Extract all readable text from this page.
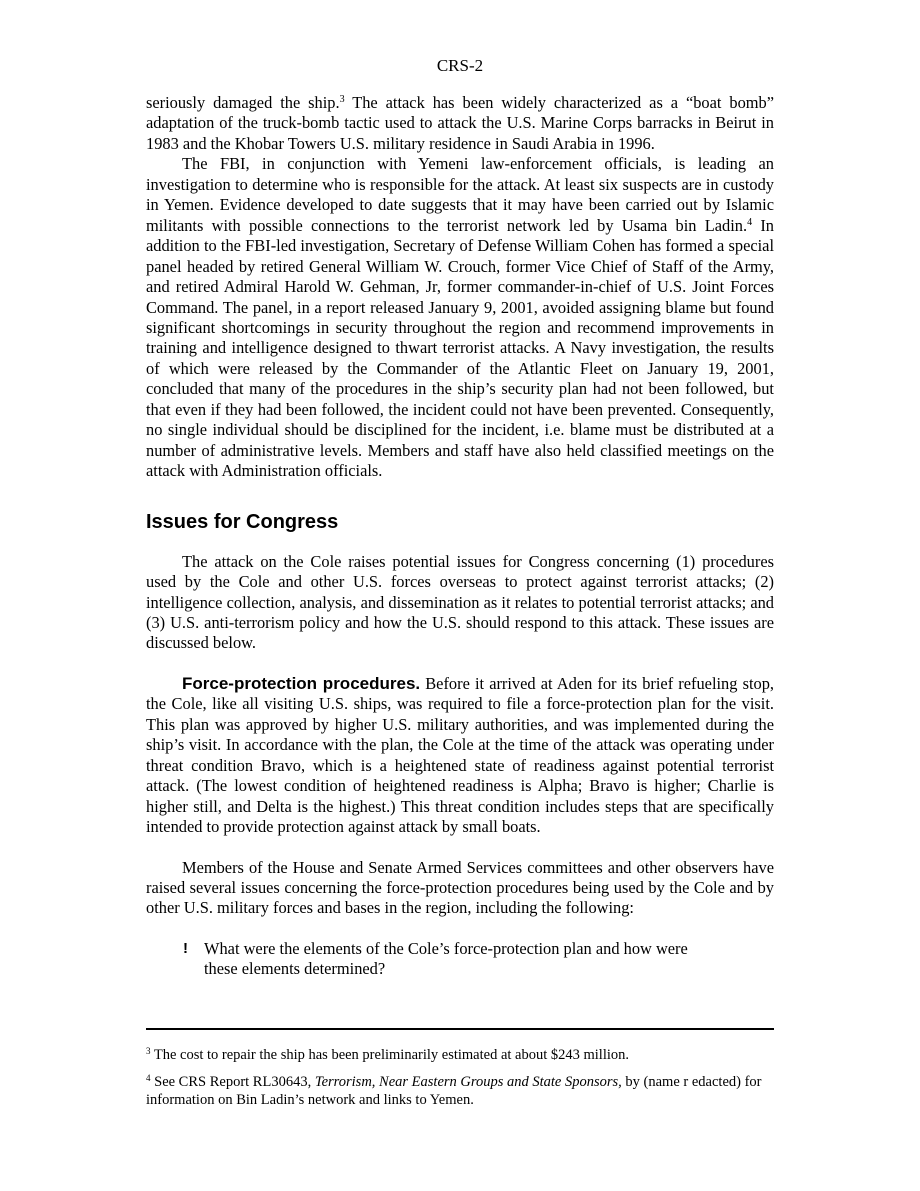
CRS-2

seriously damaged the ship.$^3$ The attack has been widely characterized as a “boat bomb” adaptation of the truck-bomb tactic used to attack the U.S. Marine Corps barracks in Beirut in 1983 and the Khobar Towers U.S. military residence in Saudi Arabia in 1996.

The FBI, in conjunction with Yemeni law-enforcement officials, is leading an investigation to determine who is responsible for the attack. At least six suspects are in custody in Yemen. Evidence developed to date suggests that it may have been carried out by Islamic militants with possible connections to the terrorist network led by Usama bin Ladin.$^4$ In addition to the FBI-led investigation, Secretary of Defense William Cohen has formed a special panel headed by retired General William W. Crouch, former Vice Chief of Staff of the Army, and retired Admiral Harold W. Gehman, Jr, former commander-in-chief of U.S. Joint Forces Command. The panel, in a report released January 9, 2001, avoided assigning blame but found significant shortcomings in security throughout the region and recommend improvements in training and intelligence designed to thwart terrorist attacks. A Navy investigation, the results of which were released by the Commander of the Atlantic Fleet on January 19, 2001, concluded that many of the procedures in the ship’s security plan had not been followed, but that even if they had been followed, the incident could not have been prevented. Consequently, no single individual should be disciplined for the incident, i.e. blame must be distributed at a number of administrative levels. Members and staff have also held classified meetings on the attack with Administration officials.

Issues for Congress

The attack on the Cole raises potential issues for Congress concerning (1) procedures used by the Cole and other U.S. forces overseas to protect against terrorist attacks; (2) intelligence collection, analysis, and dissemination as it relates to potential terrorist attacks; and (3) U.S. anti-terrorism policy and how the U.S. should respond to this attack. These issues are discussed below.

Force-protection procedures. Before it arrived at Aden for its brief refueling stop, the Cole, like all visiting U.S. ships, was required to file a force-protection plan for the visit. This plan was approved by higher U.S. military authorities, and was implemented during the ship’s visit. In accordance with the plan, the Cole at the time of the attack was operating under threat condition Bravo, which is a heightened state of readiness against potential terrorist attack. (The lowest condition of heightened readiness is Alpha; Bravo is higher; Charlie is higher still, and Delta is the highest.) This threat condition includes steps that are specifically intended to provide protection against attack by small boats.

Members of the House and Senate Armed Services committees and other observers have raised several issues concerning the force-protection procedures being used by the Cole and by other U.S. military forces and bases in the region, including the following:

! What were the elements of the Cole’s force-protection plan and how were these elements determined?

$^3$ The cost to repair the ship has been preliminarily estimated at about $243 million.

$^4$ See CRS Report RL30643, Terrorism, Near Eastern Groups and State Sponsors, by (name r edacted) for information on Bin Ladin’s network and links to Yemen.
